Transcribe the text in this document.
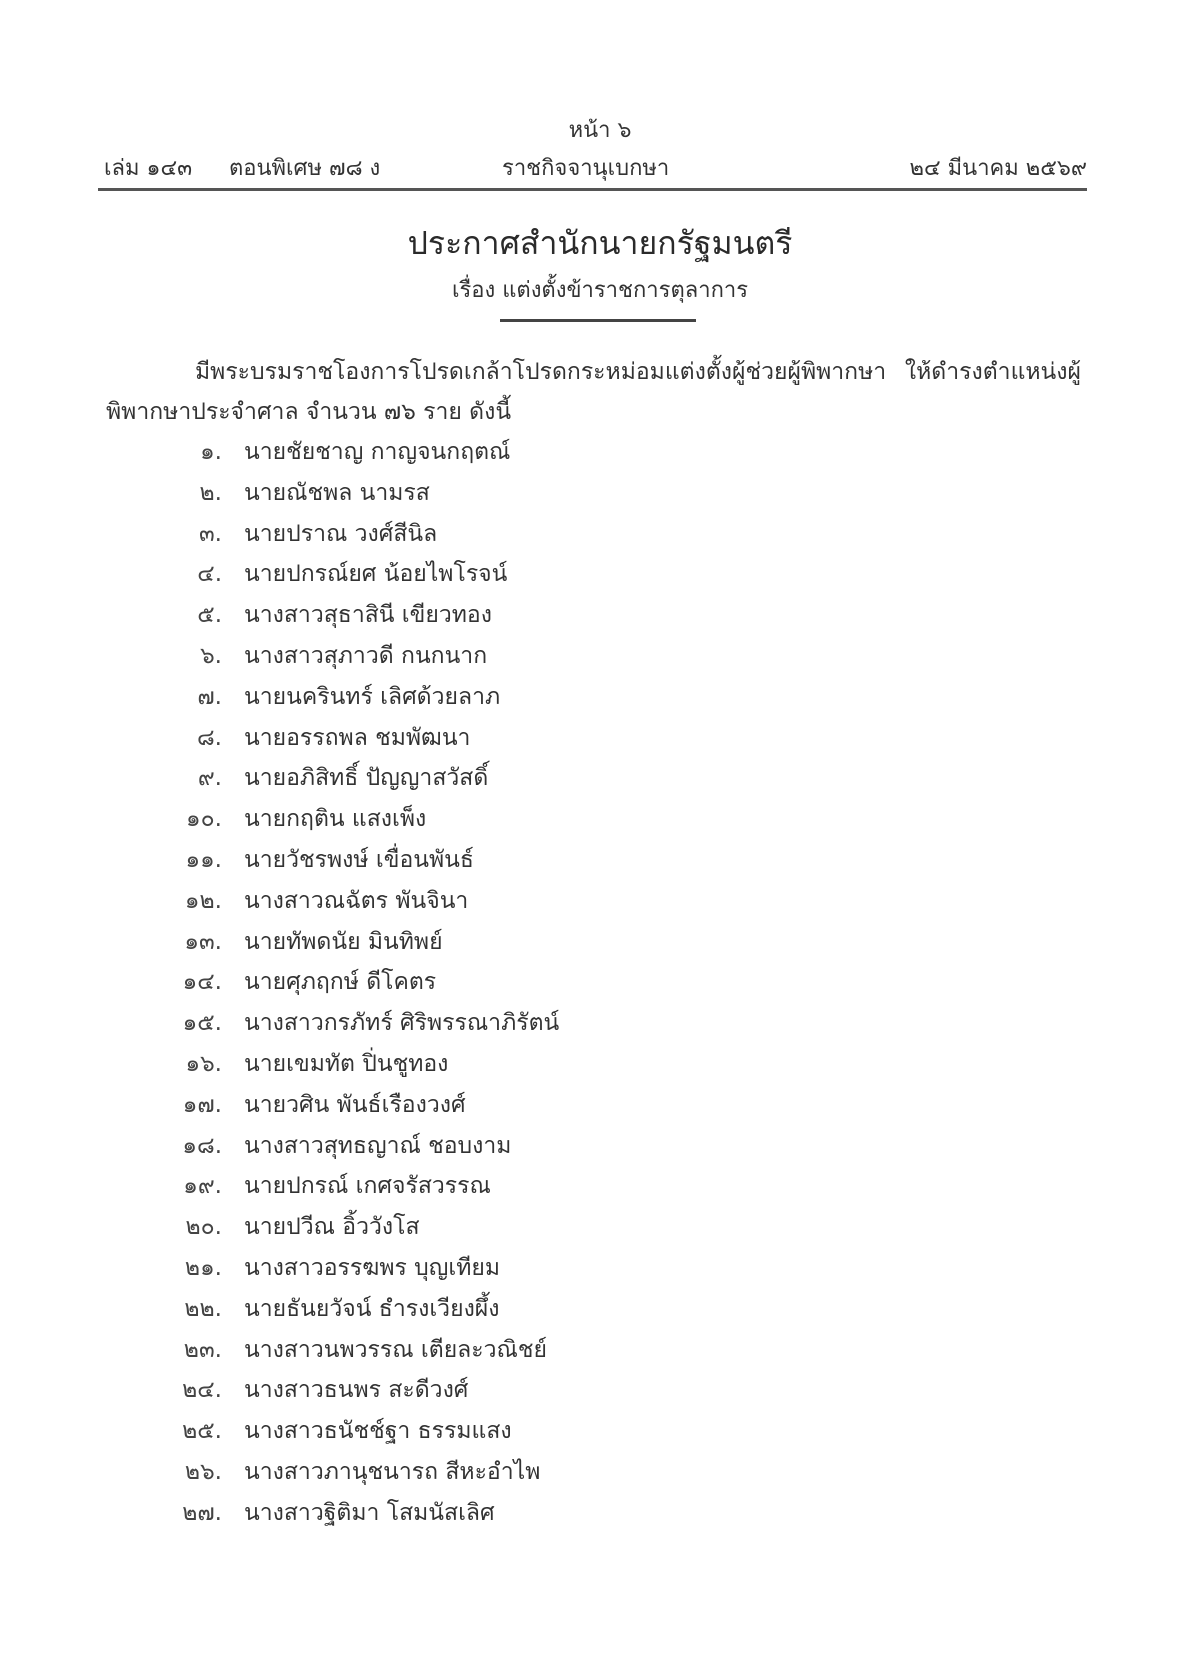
หน้า ๖
เล่ม ๑๔๓ ตอนพิเศษ ๗๘ ง	ราชกิจจานุเบกษา	๒๔ มีนาคม ๒๕๖๙
ประกาศสำนักนายกรัฐมนตรี
เรื่อง แต่งตั้งข้าราชการตุลาการ

มีพระบรมราชโองการโปรดเกล้าโปรดกระหม่อมแต่งตั้งผู้ช่วยผู้พิพากษา ให้ดำรงตำแหน่งผู้พิพากษาประจำศาล จำนวน ๗๖ ราย ดังนี้

๑. นายชัยชาญ กาญจนกฤตณ์
๒. นายณัชพล นามรส
๓. นายปราณ วงศ์สีนิล
๔. นายปกรณ์ยศ น้อยไพโรจน์
๕. นางสาวสุธาสินี เขียวทอง
๖. นางสาวสุภาวดี กนกนาก
๗. นายนครินทร์ เลิศด้วยลาภ
๘. นายอรรถพล ชมพัฒนา
๙. นายอภิสิทธิ์ ปัญญาสวัสดิ์
๑๐. นายกฤติน แสงเพ็ง
๑๑. นายวัชรพงษ์ เขื่อนพันธ์
๑๒. นางสาวณฉัตร พันจินา
๑๓. นายทัพดนัย มินทิพย์
๑๔. นายศุภฤกษ์ ดีโคตร
๑๕. นางสาวกรภัทร์ ศิริพรรณาภิรัตน์
๑๖. นายเขมทัต ปิ่นชูทอง
๑๗. นายวศิน พันธ์เรืองวงศ์
๑๘. นางสาวสุทธญาณ์ ชอบงาม
๑๙. นายปกรณ์ เกศจรัสวรรณ
๒๐. นายปวีณ อิ้ววังโส
๒๑. นางสาวอรรฆพร บุญเทียม
๒๒. นายธันยวัจน์ ธำรงเวียงผึ้ง
๒๓. นางสาวนพวรรณ เตียละวณิชย์
๒๔. นางสาวธนพร สะดีวงศ์
๒๕. นางสาวธนัชช์ฐา ธรรมแสง
๒๖. นางสาวภานุชนารถ สีหะอำไพ
๒๗. นางสาวฐิติมา โสมนัสเลิศ
